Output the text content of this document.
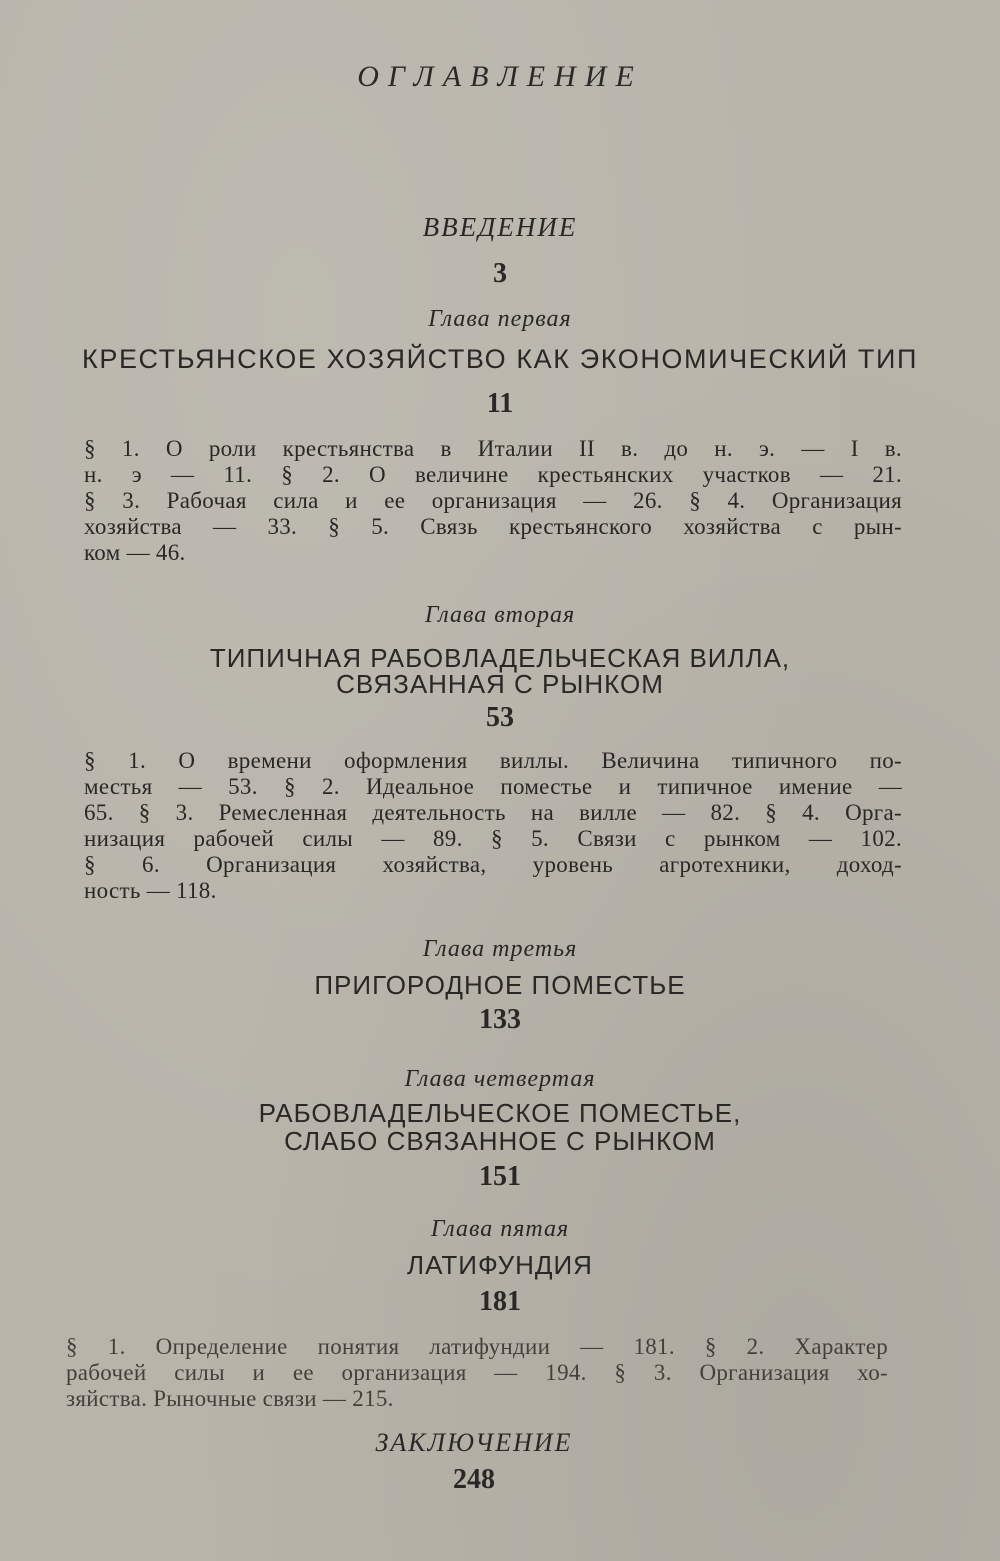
ОГЛАВЛЕНИЕ
ВВЕДЕНИЕ
3
Глава первая
КРЕСТЬЯНСКОЕ ХОЗЯЙСТВО КАК ЭКОНОМИЧЕСКИЙ ТИП
11
§ 1. О роли крестьянства в Италии II в. до н. э. — I в.
н. э — 11. § 2. О величине крестьянских участков — 21.
§ 3. Рабочая сила и ее организация — 26. § 4. Организация
хозяйства — 33. § 5. Связь крестьянского хозяйства с рын-
ком — 46.
Глава вторая
ТИПИЧНАЯ РАБОВЛАДЕЛЬЧЕСКАЯ ВИЛЛА,
СВЯЗАННАЯ С РЫНКОМ
53
§ 1. О времени оформления виллы. Величина типичного по-
местья — 53. § 2. Идеальное поместье и типичное имение —
65. § 3. Ремесленная деятельность на вилле — 82. § 4. Орга-
низация рабочей силы — 89. § 5. Связи с рынком — 102.
§ 6. Организация хозяйства, уровень агротехники, доход-
ность — 118.
Глава третья
ПРИГОРОДНОЕ ПОМЕСТЬЕ
133
Глава четвертая
РАБОВЛАДЕЛЬЧЕСКОЕ ПОМЕСТЬЕ,
СЛАБО СВЯЗАННОЕ С РЫНКОМ
151
Глава пятая
ЛАТИФУНДИЯ
181
§ 1. Определение понятия латифундии — 181. § 2. Характер
рабочей силы и ее организация — 194. § 3. Организация хо-
зяйства. Рыночные связи — 215.
ЗАКЛЮЧЕНИЕ
248
